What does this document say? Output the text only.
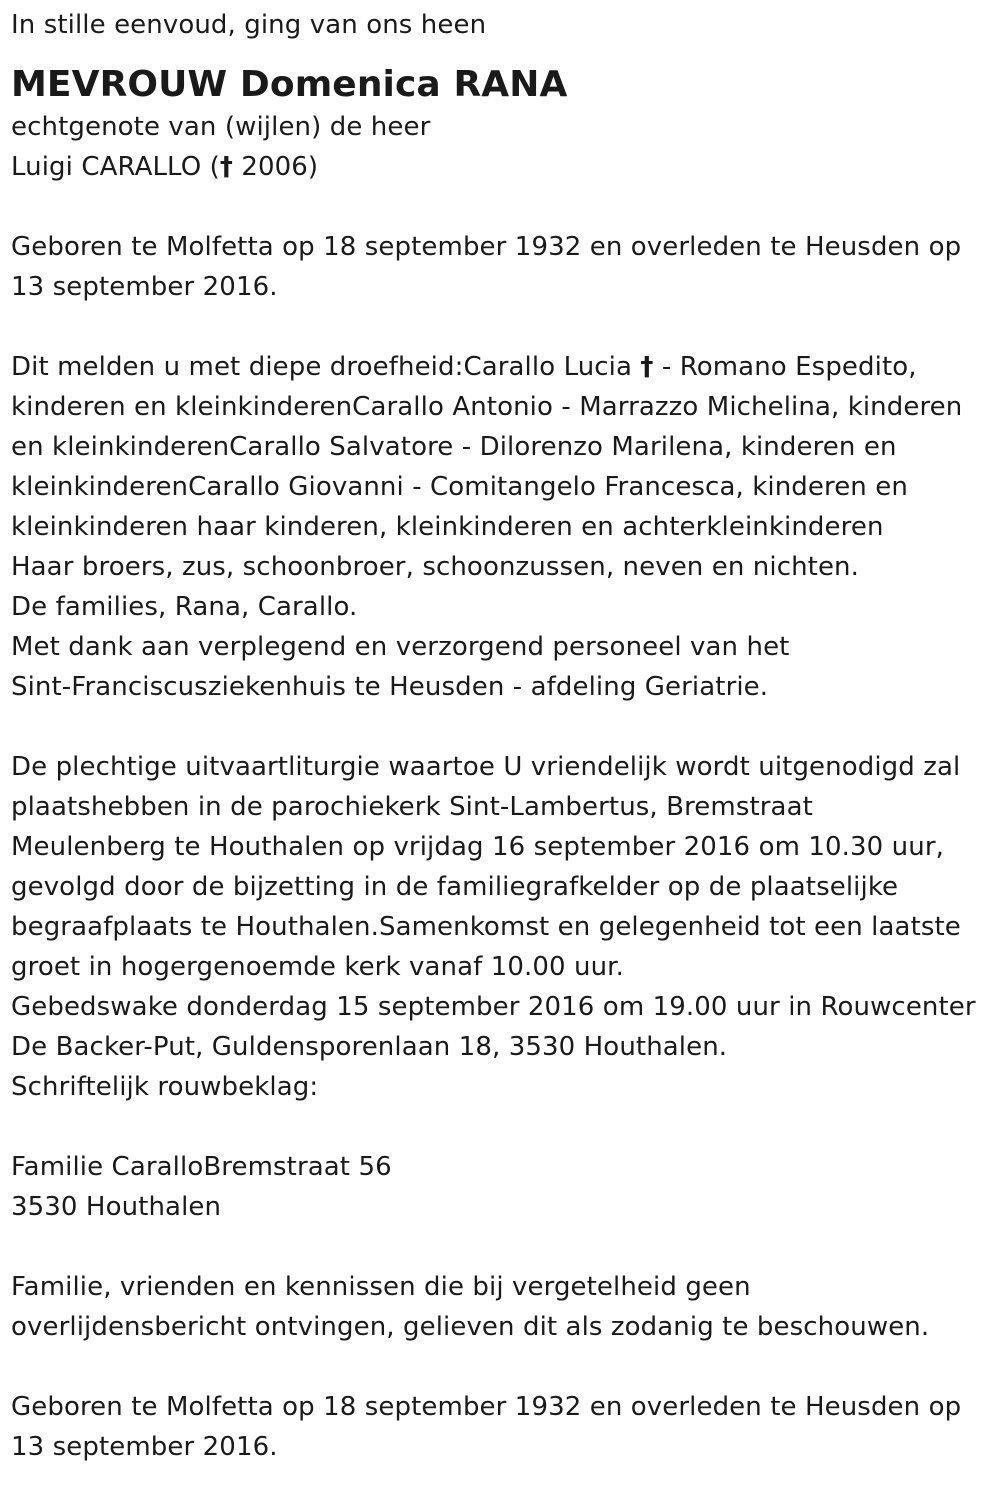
In stille eenvoud, ging van ons heen
MEVROUW Domenica RANA
echtgenote van (wijlen) de heer
Luigi CARALLO († 2006)
Geboren te Molfetta op 18 september 1932 en overleden te Heusden op
13 september 2016.
Dit melden u met diepe droefheid:Carallo Lucia † - Romano Espedito,
kinderen en kleinkinderenCarallo Antonio - Marrazzo Michelina, kinderen
en kleinkinderenCarallo Salvatore - Dilorenzo Marilena, kinderen en
kleinkinderenCarallo Giovanni - Comitangelo Francesca, kinderen en
kleinkinderen haar kinderen, kleinkinderen en achterkleinkinderen
Haar broers, zus, schoonbroer, schoonzussen, neven en nichten.
De families, Rana, Carallo.
Met dank aan verplegend en verzorgend personeel van het
Sint-Franciscusziekenhuis te Heusden - afdeling Geriatrie.
De plechtige uitvaartliturgie waartoe U vriendelijk wordt uitgenodigd zal
plaatshebben in de parochiekerk Sint-Lambertus, Bremstraat
Meulenberg te Houthalen op vrijdag 16 september 2016 om 10.30 uur,
gevolgd door de bijzetting in de familiegrafkelder op de plaatselijke
begraafplaats te Houthalen.Samenkomst en gelegenheid tot een laatste
groet in hogergenoemde kerk vanaf 10.00 uur.
Gebedswake donderdag 15 september 2016 om 19.00 uur in Rouwcenter
De Backer-Put, Guldensporenlaan 18, 3530 Houthalen.
Schriftelijk rouwbeklag:
Familie CaralloBremstraat 56
3530 Houthalen
Familie, vrienden en kennissen die bij vergetelheid geen
overlijdensbericht ontvingen, gelieven dit als zodanig te beschouwen.
Geboren te Molfetta op 18 september 1932 en overleden te Heusden op
13 september 2016.
